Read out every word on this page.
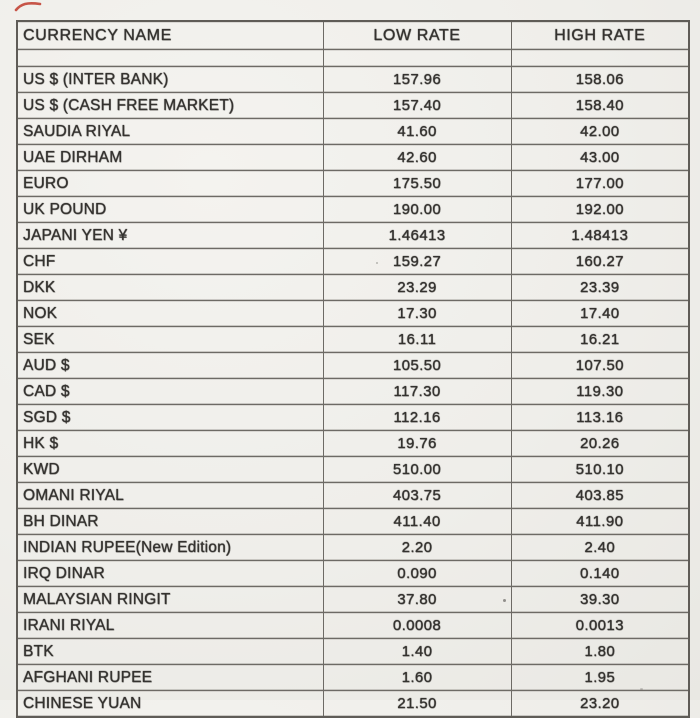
CURRENCY NAME	LOW RATE	HIGH RATE

US $ (INTER BANK)	157.96	158.06
US $ (CASH FREE MARKET)	157.40	158.40
SAUDIA RIYAL	41.60	42.00
UAE DIRHAM	42.60	43.00
EURO	175.50	177.00
UK POUND	190.00	192.00
JAPANI YEN ¥	1.46413	1.48413
CHF	159.27	160.27
DKK	23.29	23.39
NOK	17.30	17.40
SEK	16.11	16.21
AUD $	105.50	107.50
CAD $	117.30	119.30
SGD $	112.16	113.16
HK $	19.76	20.26
KWD	510.00	510.10
OMANI RIYAL	403.75	403.85
BH DINAR	411.40	411.90
INDIAN RUPEE(New Edition)	2.20	2.40
IRQ DINAR	0.090	0.140
MALAYSIAN RINGIT	37.80	39.30
IRANI RIYAL	0.0008	0.0013
BTK	1.40	1.80
AFGHANI RUPEE	1.60	1.95
CHINESE YUAN	21.50	23.20
